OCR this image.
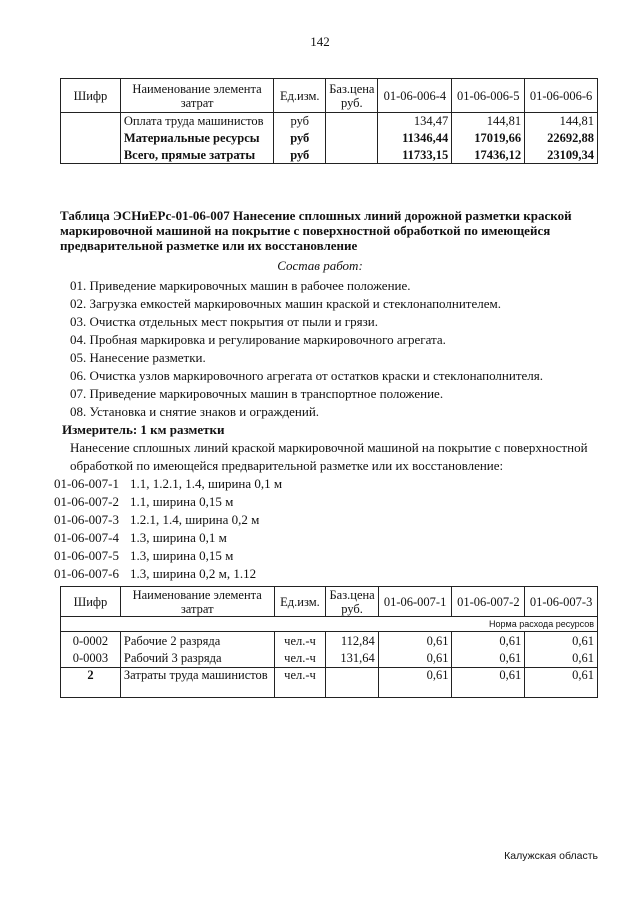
142
Шифр	Наименование элемента затрат	Ед.изм.	Баз.цена руб.	01-06-006-4	01-06-006-5	01-06-006-6
	Оплата труда машинистов	руб		134,47	144,81	144,81
	Материальные ресурсы	руб		11346,44	17019,66	22692,88
	Всего, прямые затраты	руб		11733,15	17436,12	23109,34
Таблица ЭСНиЕРс-01-06-007 Нанесение сплошных линий дорожной разметки краской маркировочной машиной на покрытие с поверхностной обработкой по имеющейся предварительной разметке или их восстановление
Состав работ:
01. Приведение маркировочных машин в рабочее положение.
02. Загрузка емкостей маркировочных машин краской и стеклонаполнителем.
03. Очистка отдельных мест покрытия от пыли и грязи.
04. Пробная маркировка и регулирование маркировочного агрегата.
05. Нанесение разметки.
06. Очистка узлов маркировочного агрегата от остатков краски и стеклонаполнителя.
07. Приведение маркировочных машин в транспортное положение.
08. Установка и снятие знаков и ограждений.
Измеритель: 1 км разметки
Нанесение сплошных линий краской маркировочной машиной на покрытие с поверхностной
обработкой по имеющейся предварительной разметке или их восстановление:
01-06-007-1 1.1, 1.2.1, 1.4, ширина 0,1 м
01-06-007-2 1.1, ширина 0,15 м
01-06-007-3 1.2.1, 1.4, ширина 0,2 м
01-06-007-4 1.3, ширина 0,1 м
01-06-007-5 1.3, ширина 0,15 м
01-06-007-6 1.3, ширина 0,2 м, 1.12
Шифр	Наименование элемента затрат	Ед.изм.	Баз.цена руб.	01-06-007-1	01-06-007-2	01-06-007-3
Норма расхода ресурсов						
0-0002	Рабочие 2 разряда	чел.-ч	112,84	0,61	0,61	0,61
0-0003	Рабочий 3 разряда	чел.-ч	131,64	0,61	0,61	0,61
2	Затраты труда машинистов	чел.-ч		0,61	0,61	0,61
Калужская область
